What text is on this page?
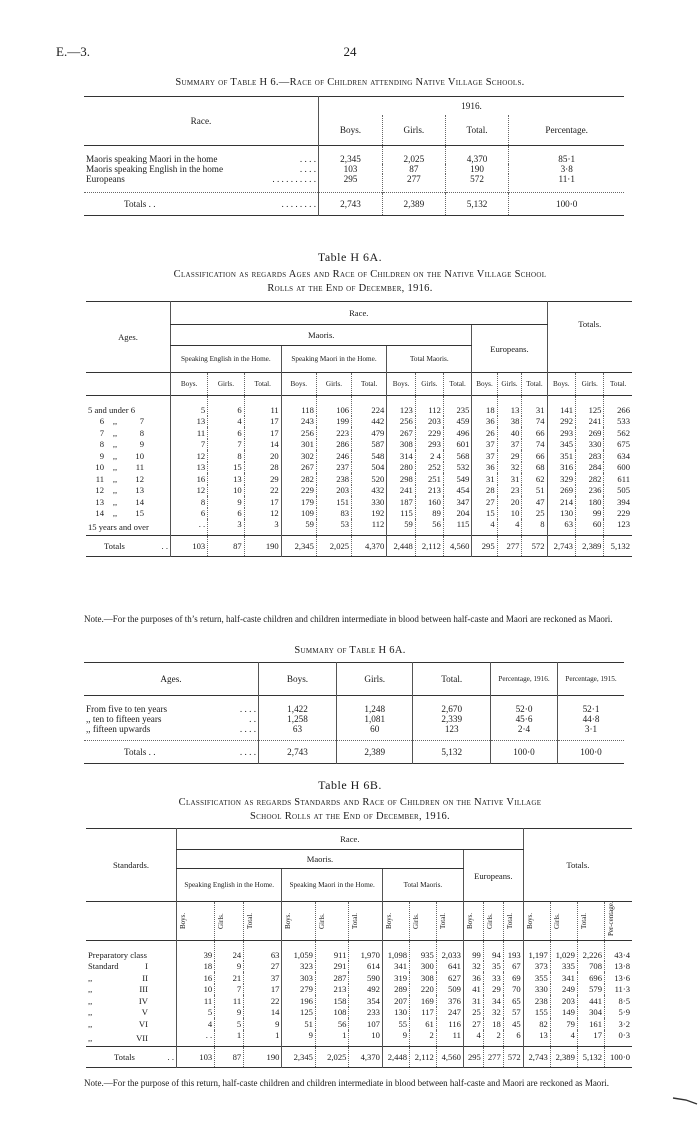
E.—3.	24
Summary of Table H 6.—Race of Children attending Native Village Schools.
Race.	1916.			
	Boys.	Girls.	Total.	Percentage.
Maoris speaking Maori in the home . . . .	2,345	2,025	4,370	85·1
Maoris speaking English in the home . . . .	103	87	190	3·8
Europeans . . . . . . . . . .	295	277	572	11·1
Totals . . . . . . . . . .	2,743	2,389	5,132	100·0
Table H 6A.
Classification as regards Ages and Race of Children on the Native Village School
Rolls at the End of December, 1916.
Ages.	Race.												Totals.		
	Maoris.									Europeans.					
	Speaking English in the Home.			Speaking Maori in the Home.			Total Maoris.								
	Boys.	Girls.	Total.	Boys.	Girls.	Total.	Boys.	Girls.	Total.	Boys.	Girls.	Total.	Boys.	Girls.	Total.
5 and under 6	5	6	11	118	106	224	123	112	235	18	13	31	141	125	266
6 ,, 7	13	4	17	243	199	442	256	203	459	36	38	74	292	241	533
7 ,, 8	11	6	17	256	223	479	267	229	496	26	40	66	293	269	562
8 ,, 9	7	7	14	301	286	587	308	293	601	37	37	74	345	330	675
9 ,, 10	12	8	20	302	246	548	314	2 4	568	37	29	66	351	283	634
10 ,, 11	13	15	28	267	237	504	280	252	532	36	32	68	316	284	600
11 ,, 12	16	13	29	282	238	520	298	251	549	31	31	62	329	282	611
12 ,, 13	12	10	22	229	203	432	241	213	454	28	23	51	269	236	505
13 ,, 14	8	9	17	179	151	330	187	160	347	27	20	47	214	180	394
14 ,, 15	6	6	12	109	83	192	115	89	204	15	10	25	130	99	229
15 years and over	. .	3	3	59	53	112	59	56	115	4	4	8	63	60	123
Totals . .	103	87	190	2,345	2,025	4,370	2,448	2,112	4,560	295	277	572	2,743	2,389	5,132
Note.—For the purposes of th’s return, half-caste children and children intermediate in blood between half-caste and Maori are reckoned as Maori.
Summary of Table H 6A.
Ages.	Boys.	Girls.	Total.	Percentage, 1916.	Percentage, 1915.
From five to ten years . . . .	1,422	1,248	2,670	52·0	52·1
,, ten to fifteen years . .	1,258	1,081	2,339	45·6	44·8
,, fifteen upwards . . . .	63	60	123	2·4	3·1
Totals . . . . . .	2,743	2,389	5,132	100·0	100·0
Table H 6B.
Classification as regards Standards and Race of Children on the Native Village
School Rolls at the End of December, 1916.
Standards.	Race.												Totals.			
	Maoris.									Europeans.						
	Speaking English in the Home.			Speaking Maori in the Home.			Total Maoris.									

	Boys.	Girls.	Total.	Boys.	Girls.	Total.	Boys.	Girls.	Total.	Boys.	Girls.	Total.	Boys.	Girls.	Total.	Per-centage.

Preparatory class	39	24	63	1,059	911	1,970	1,098	935	2,033	99	94	193	1,197	1,029	2,226	43·4
Standard I	18	9	27	323	291	614	341	300	641	32	35	67	373	335	708	13·8
,, II	16	21	37	303	287	590	319	308	627	36	33	69	355	341	696	13·6
,, III	10	7	17	279	213	492	289	220	509	41	29	70	330	249	579	11·3
,, IV	11	11	22	196	158	354	207	169	376	31	34	65	238	203	441	8·5
,, V	5	9	14	125	108	233	130	117	247	25	32	57	155	149	304	5·9
,, VI	4	5	9	51	56	107	55	61	116	27	18	45	82	79	161	3·2
,, VII	. .	1	1	9	1	10	9	2	11	4	2	6	13	4	17	0·3
Totals . .	103	87	190	2,345	2,025	4,370	2,448	2,112	4,560	295	277	572	2,743	2,389	5,132	100·0
Note.—For the purpose of this return, half-caste children and children intermediate in blood between half-caste and Maori are reckoned as Maori.
